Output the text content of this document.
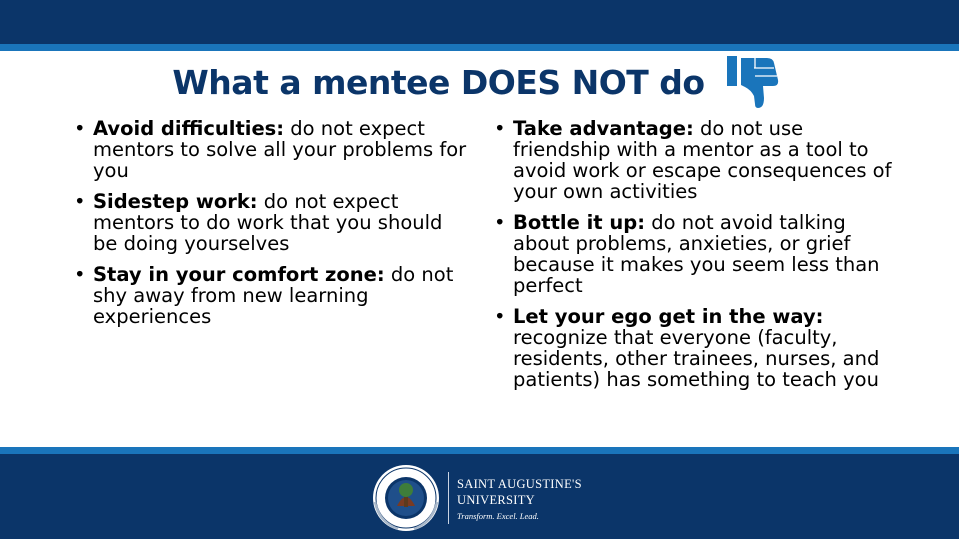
What a mentee DOES NOT do
• Avoid difficulties: do not expect mentors to solve all your problems for you
• Sidestep work: do not expect mentors to do work that you should be doing yourselves
• Stay in your comfort zone: do not shy away from new learning experiences
• Take advantage: do not use friendship with a mentor as a tool to avoid work or escape consequences of your own activities
• Bottle it up: do not avoid talking about problems, anxieties, or grief because it makes you seem less than perfect
• Let your ego get in the way: recognize that everyone (faculty, residents, other trainees, nurses, and patients) has something to teach you
SAINT AUGUSTINE'S
UNIVERSITY
Transform. Excel. Lead.
